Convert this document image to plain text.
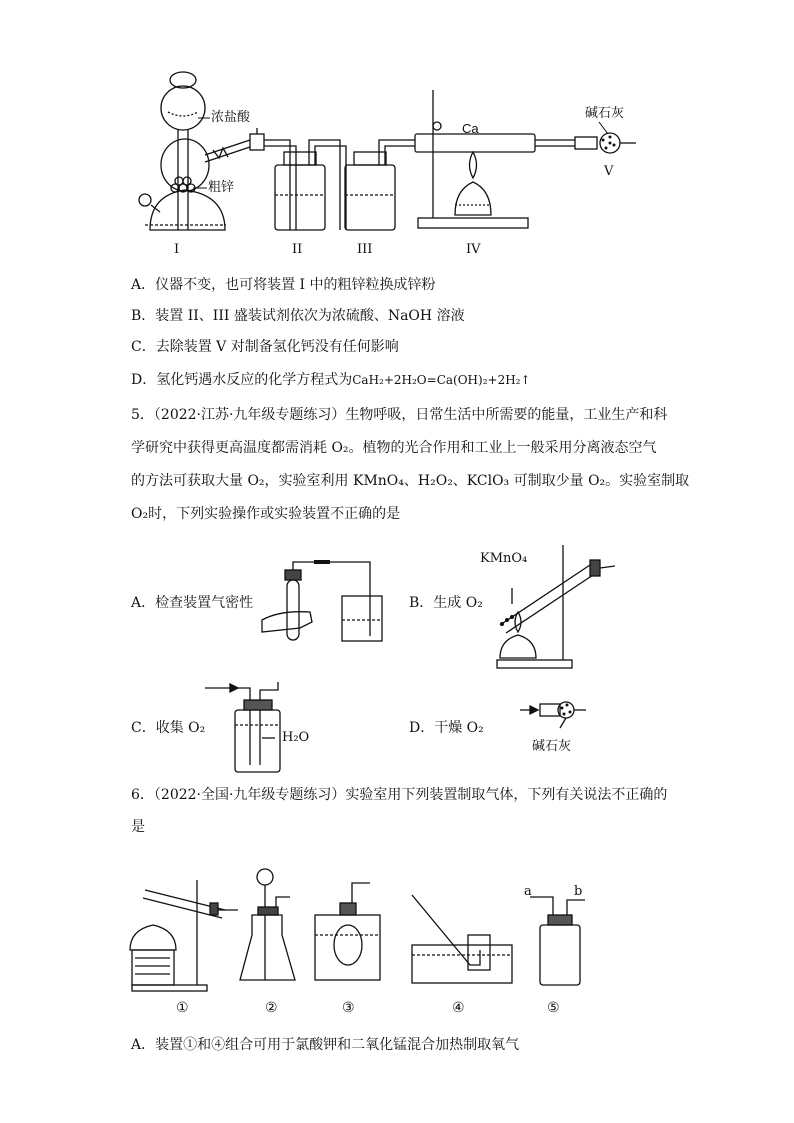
浓盐酸
粗锌
Ca
碱石灰
V
I	II	III	IV
A．仪器不变，也可将装置 I 中的粗锌粒换成锌粉
B．装置 II、III 盛装试剂依次为浓硫酸、NaOH 溶液
C．去除装置 V 对制备氢化钙没有任何影响
D．氢化钙遇水反应的化学方程式为CaH₂+2H₂O=Ca(OH)₂+2H₂↑
5．（2022·江苏·九年级专题练习）生物呼吸，日常生活中所需要的能量，工业生产和科
学研究中获得更高温度都需消耗 O₂。植物的光合作用和工业上一般采用分离液态空气
的方法可获取大量 O₂，实验室利用 KMnO₄、H₂O₂、KClO₃ 可制取少量 O₂。实验室制取
O₂时，下列实验操作或实验装置不正确的是
A．检查装置气密性	B．生成 O₂
KMnO₄
C．收集 O₂
H₂O
D．干燥 O₂
碱石灰
6．（2022·全国·九年级专题练习）实验室用下列装置制取气体，下列有关说法不正确的
是
①	②	③	④	⑤
a	b
A．装置①和④组合可用于氯酸钾和二氧化锰混合加热制取氧气
